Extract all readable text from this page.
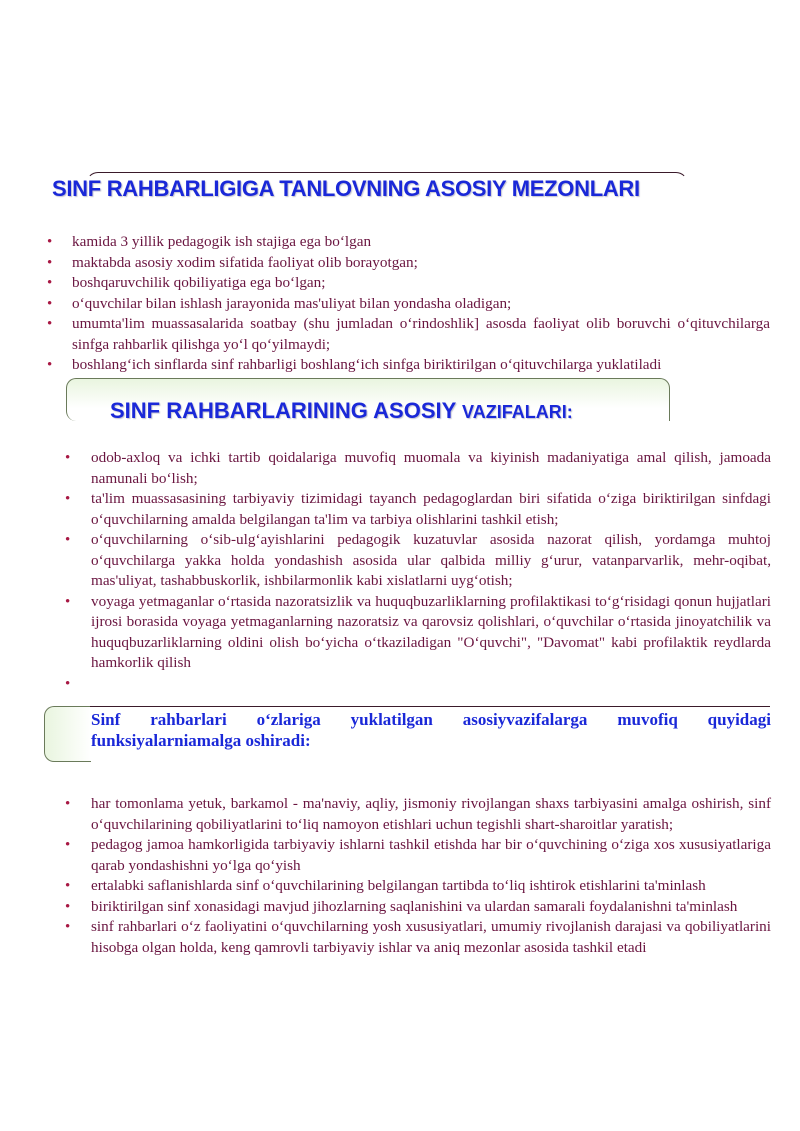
SINF RAHBARLIGIGA TANLOVNING ASOSIY MEZONLARI
• kamida 3 yillik pedagogik ish stajiga ega bo‘lgan
• maktabda asosiy xodim sifatida faoliyat olib borayotgan;
• boshqaruvchilik qobiliyatiga ega bo‘lgan;
• o‘quvchilar bilan ishlash jarayonida mas'uliyat bilan yondasha oladigan;
• umumta'lim muassasalarida soatbay (shu jumladan o‘rindoshlik] asosda faoliyat olib boruvchi o‘qituvchilarga sinfga rahbarlik qilishga yo‘l qo‘yilmaydi;
• boshlang‘ich sinflarda sinf rahbarligi boshlang‘ich sinfga biriktirilgan o‘qituvchilarga yuklatiladi
SINF RAHBARLARINING ASOSIY VAZIFALARI:
• odob-axloq va ichki tartib qoidalariga muvofiq muomala va kiyinish madaniyatiga amal qilish, jamoada namunali bo‘lish;
• ta'lim muassasasining tarbiyaviy tizimidagi tayanch pedagoglardan biri sifatida o‘ziga biriktirilgan sinfdagi o‘quvchilarning amalda belgilangan ta'lim va tarbiya olishlarini tashkil etish;
• o‘quvchilarning o‘sib-ulg‘ayishlarini pedagogik kuzatuvlar asosida nazorat qilish, yordamga muhtoj o‘quvchilarga yakka holda yondashish asosida ular qalbida milliy g‘urur, vatanparvarlik, mehr-oqibat, mas'uliyat, tashabbuskorlik, ishbilarmonlik kabi xislatlarni uyg‘otish;
• voyaga yetmaganlar o‘rtasida nazoratsizlik va huquqbuzarliklarning profilaktikasi to‘g‘risidagi qonun hujjatlari ijrosi borasida voyaga yetmaganlarning nazoratsiz va qarovsiz qolishlari, o‘quvchilar o‘rtasida jinoyatchilik va huquqbuzarliklarning oldini olish bo‘yicha o‘tkaziladigan "O‘quvchi", "Davomat" kabi profilaktik reydlarda hamkorlik qilish
•
Sinf rahbarlari o‘zlariga yuklatilgan asosiyvazifalarga muvofiq quyidagi funksiyalarniamalga oshiradi:
• har tomonlama yetuk, barkamol - ma'naviy, aqliy, jismoniy rivojlangan shaxs tarbiyasini amalga oshirish, sinf o‘quvchilarining qobiliyatlarini to‘liq namoyon etishlari uchun tegishli shart-sharoitlar yaratish;
• pedagog jamoa hamkorligida tarbiyaviy ishlarni tashkil etishda har bir o‘quvchining o‘ziga xos xususiyatlariga qarab yondashishni yo‘lga qo‘yish
• ertalabki saflanishlarda sinf o‘quvchilarining belgilangan tartibda to‘liq ishtirok etishlarini ta'minlash
• biriktirilgan sinf xonasidagi mavjud jihozlarning saqlanishini va ulardan samarali foydalanishni ta'minlash
• sinf rahbarlari o‘z faoliyatini o‘quvchilarning yosh xususiyatlari, umumiy rivojlanish darajasi va qobiliyatlarini hisobga olgan holda, keng qamrovli tarbiyaviy ishlar va aniq mezonlar asosida tashkil etadi
